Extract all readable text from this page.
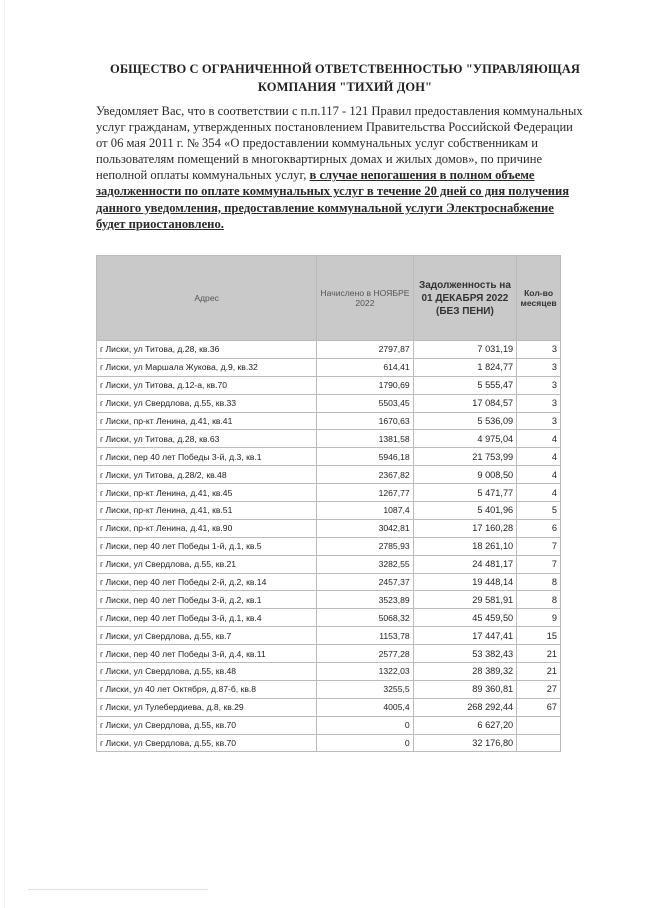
ОБЩЕСТВО С ОГРАНИЧЕННОЙ ОТВЕТСТВЕННОСТЬЮ "УПРАВЛЯЮЩАЯ
КОМПАНИЯ "ТИХИЙ ДОН"
Уведомляет Вас, что в соответствии с п.п.117 - 121 Правил предоставления коммунальных услуг гражданам, утвержденных постановлением Правительства Российской Федерации от 06 мая 2011 г. № 354 «О предоставлении коммунальных услуг собственникам и пользователям помещений в многоквартирных домах и жилых домов», по причине неполной оплаты коммунальных услуг, в случае непогашения в полном объеме задолженности по оплате коммунальных услуг в течение 20 дней со дня получения данного уведомления, предоставление коммунальной услуги Электроснабжение будет приостановлено.
Адрес	Начислено в НОЯБРЕ 2022	Задолженность на 01 ДЕКАБРЯ 2022 (БЕЗ ПЕНИ)	Кол-во месяцев
г Лиски, ул Титова, д.28, кв.36	2797,87	7 031,19	3
г Лиски, ул Маршала Жукова, д.9, кв.32	614,41	1 824,77	3
г Лиски, ул Титова, д.12-а, кв.70	1790,69	5 555,47	3
г Лиски, ул Свердлова, д.55, кв.33	5503,45	17 084,57	3
г Лиски, пр-кт Ленина, д.41, кв.41	1670,63	5 536,09	3
г Лиски, ул Титова, д.28, кв.63	1381,58	4 975,04	4
г Лиски, пер 40 лет Победы 3-й, д.3, кв.1	5946,18	21 753,99	4
г Лиски, ул Титова, д.28/2, кв.48	2367,82	9 008,50	4
г Лиски, пр-кт Ленина, д.41, кв.45	1267,77	5 471,77	4
г Лиски, пр-кт Ленина, д.41, кв.51	1087,4	5 401,96	5
г Лиски, пр-кт Ленина, д.41, кв.90	3042,81	17 160,28	6
г Лиски, пер 40 лет Победы 1-й, д.1, кв.5	2785,93	18 261,10	7
г Лиски, ул Свердлова, д.55, кв.21	3282,55	24 481,17	7
г Лиски, пер 40 лет Победы 2-й, д.2, кв.14	2457,37	19 448,14	8
г Лиски, пер 40 лет Победы 3-й, д.2, кв.1	3523,89	29 581,91	8
г Лиски, пер 40 лет Победы 3-й, д.1, кв.4	5068,32	45 459,50	9
г Лиски, ул Свердлова, д.55, кв.7	1153,78	17 447,41	15
г Лиски, пер 40 лет Победы 3-й, д.4, кв.11	2577,28	53 382,43	21
г Лиски, ул Свердлова, д.55, кв.48	1322,03	28 389,32	21
г Лиски, ул 40 лет Октября, д.87-б, кв.8	3255,5	89 360,81	27
г Лиски, ул Тулебердиева, д.8, кв.29	4005,4	268 292,44	67
г Лиски, ул Свердлова, д.55, кв.70	0	6 627,20	
г Лиски, ул Свердлова, д.55, кв.70	0	32 176,80	
